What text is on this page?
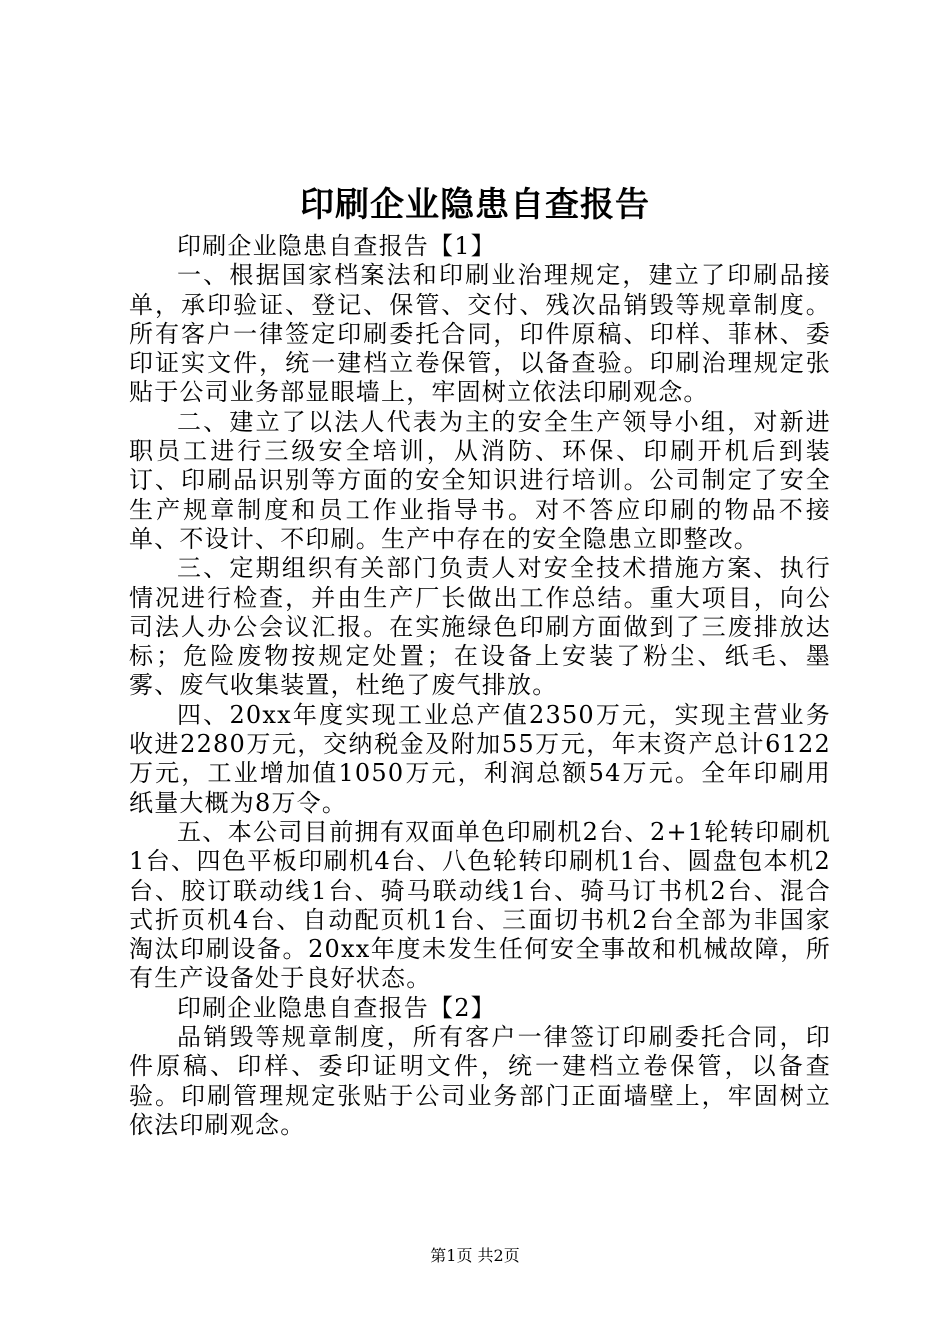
印刷企业隐患自查报告

印刷企业隐患自查报告【1】

一、根据国家档案法和印刷业治理规定，建立了印刷品接单，承印验证、登记、保管、交付、残次品销毁等规章制度。所有客户一律签定印刷委托合同，印件原稿、印样、菲林、委印证实文件，统一建档立卷保管，以备查验。印刷治理规定张贴于公司业务部显眼墙上，牢固树立依法印刷观念。

二、建立了以法人代表为主的安全生产领导小组，对新进职员工进行三级安全培训，从消防、环保、印刷开机后到装订、印刷品识别等方面的安全知识进行培训。公司制定了安全生产规章制度和员工作业指导书。对不答应印刷的物品不接单、不设计、不印刷。生产中存在的安全隐患立即整改。

三、定期组织有关部门负责人对安全技术措施方案、执行情况进行检查，并由生产厂长做出工作总结。重大项目，向公司法人办公会议汇报。在实施绿色印刷方面做到了三废排放达标；危险废物按规定处置；在设备上安装了粉尘、纸毛、墨雾、废气收集装置，杜绝了废气排放。

四、20xx年度实现工业总产值2350万元，实现主营业务收进2280万元，交纳税金及附加55万元，年末资产总计6122万元，工业增加值1050万元，利润总额54万元。全年印刷用纸量大概为8万令。

五、本公司目前拥有双面单色印刷机2台、2+1轮转印刷机1台、四色平板印刷机4台、八色轮转印刷机1台、圆盘包本机2台、胶订联动线1台、骑马联动线1台、骑马订书机2台、混合式折页机4台、自动配页机1台、三面切书机2台全部为非国家淘汰印刷设备。20xx年度未发生任何安全事故和机械故障，所有生产设备处于良好状态。

印刷企业隐患自查报告【2】

品销毁等规章制度，所有客户一律签订印刷委托合同，印件原稿、印样、委印证明文件，统一建档立卷保管，以备查验。印刷管理规定张贴于公司业务部门正面墙壁上，牢固树立依法印刷观念。

第1页 共2页
